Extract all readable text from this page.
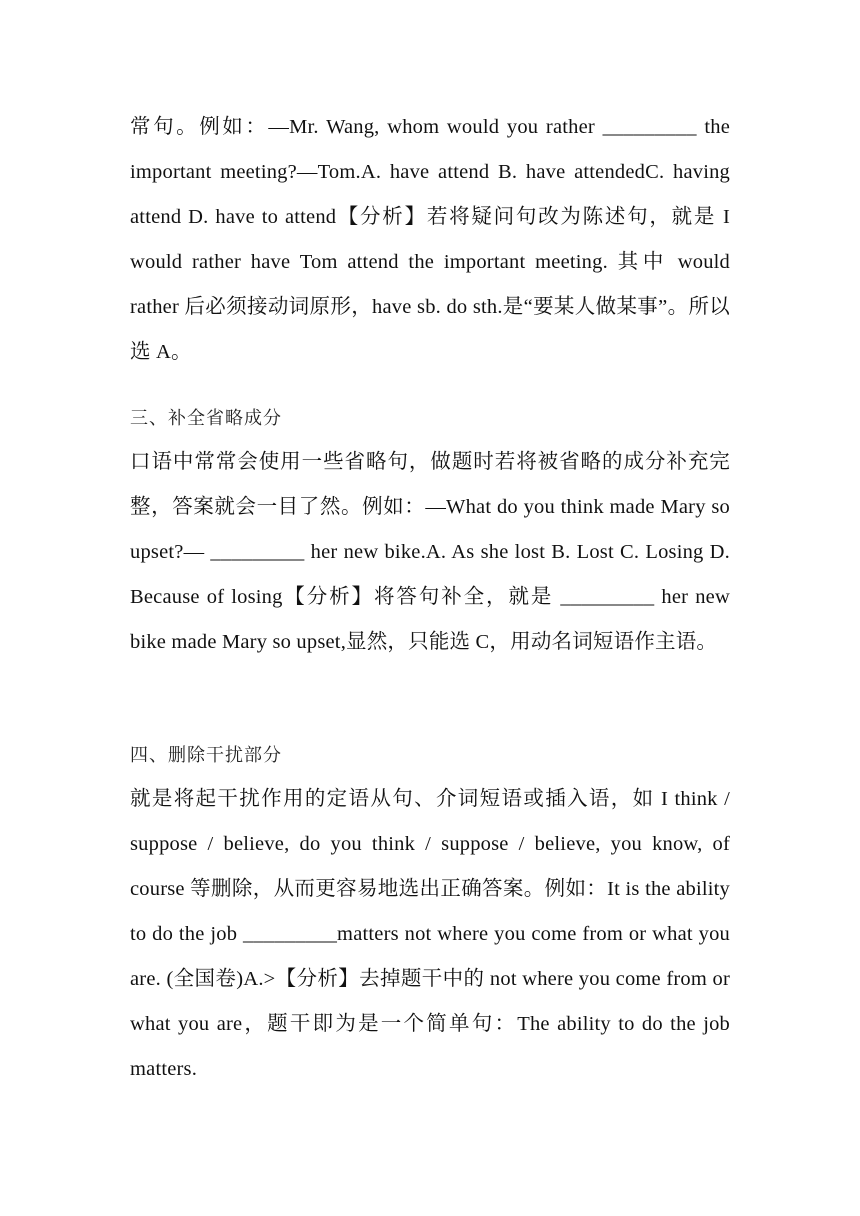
常句。例如：—Mr. Wang, whom would you rather _________ the important meeting?—Tom.A. have attend B. have attendedC. having attend D. have to attend【分析】若将疑问句改为陈述句，就是 I would rather have Tom attend the important meeting. 其中 would rather 后必须接动词原形，have sb. do sth.是“要某人做某事”。所以选 A。
三、补全省略成分
口语中常常会使用一些省略句，做题时若将被省略的成分补充完整，答案就会一目了然。例如：—What do you think made Mary so upset?— _________ her new bike.A. As she lost B. Lost C. Losing D. Because of losing【分析】将答句补全，就是 _________ her new bike made Mary so upset,显然，只能选 C，用动名词短语作主语。
四、删除干扰部分
就是将起干扰作用的定语从句、介词短语或插入语，如 I think / suppose / believe, do you think / suppose / believe, you know, of course 等删除，从而更容易地选出正确答案。例如：It is the ability to do the job _________matters not where you come from or what you are. (全国卷)A.>【分析】去掉题干中的 not where you come from or what you are，题干即为是一个简单句：The ability to do the job matters.
